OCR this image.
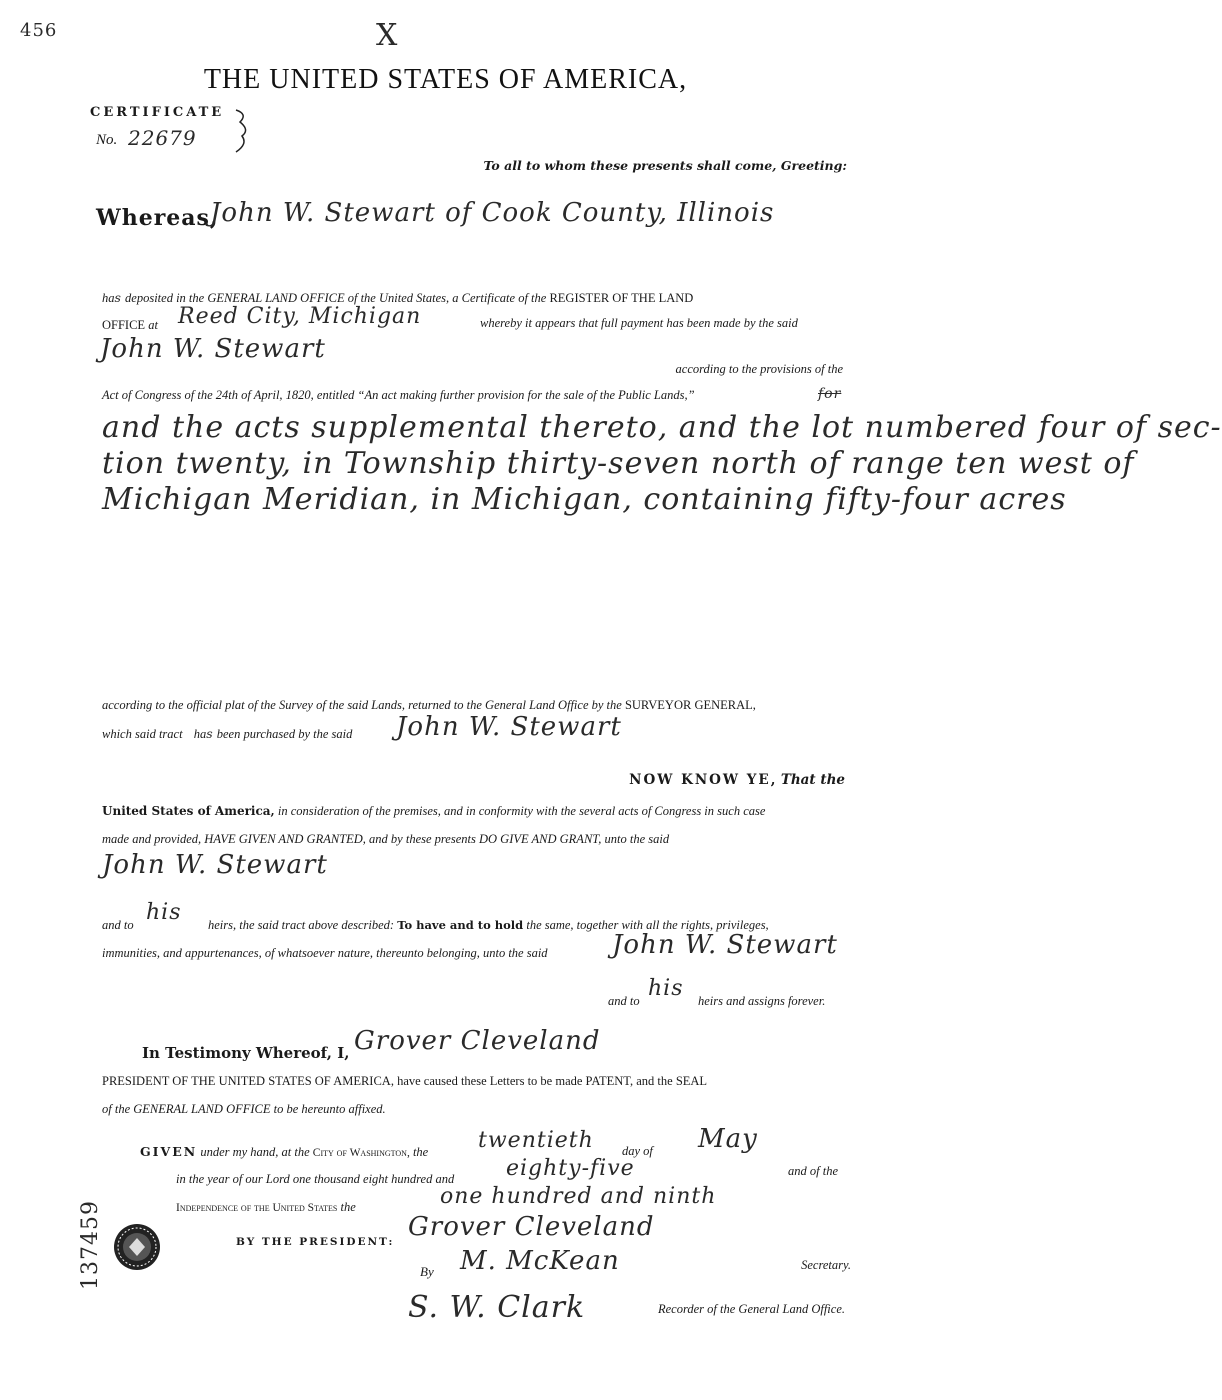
456	X
THE UNITED STATES OF AMERICA,
CERTIFICATE
No. 22679
To all to whom these presents shall come, Greeting:
Whereas,
John W. Stewart of Cook County, Illinois
has deposited in the GENERAL LAND OFFICE of the United States, a Certificate of the REGISTER OF THE LAND
OFFICE at Reed City, Michigan	whereby it appears that full payment has been made by the said
John W. Stewart
according to the provisions of the
Act of Congress of the 24th of April, 1820, entitled “An act making further provision for the sale of the Public Lands,”	for
and the acts supplemental thereto, and the lot numbered four of sec-
tion twenty, in Township thirty-seven north of range ten west of
Michigan Meridian, in Michigan, containing fifty-four acres
according to the official plat of the Survey of the said Lands, returned to the General Land Office by the SURVEYOR GENERAL,
which said tract has been purchased by the said John W. Stewart
NOW KNOW YE, That the
United States of America, in consideration of the premises, and in conformity with the several acts of Congress in such case
made and provided, HAVE GIVEN AND GRANTED, and by these presents DO GIVE AND GRANT, unto the said
John W. Stewart
and to his heirs, the said tract above described: To have and to hold the same, together with all the rights, privileges,
immunities, and appurtenances, of whatsoever nature, thereunto belonging, unto the said John W. Stewart
and to his heirs and assigns forever.
In Testimony Whereof, I, Grover Cleveland
PRESIDENT OF THE UNITED STATES OF AMERICA, have caused these Letters to be made PATENT, and the SEAL
of the GENERAL LAND OFFICE to be hereunto affixed.
GIVEN under my hand, at the City of Washington, the twentieth day of May
in the year of our Lord one thousand eight hundred and eighty-five	and of the
Independence of the United States the	one hundred and ninth
137459	BY THE PRESIDENT: Grover Cleveland
By M. McKean	Secretary.
S. W. Clark	Recorder of the General Land Office.
